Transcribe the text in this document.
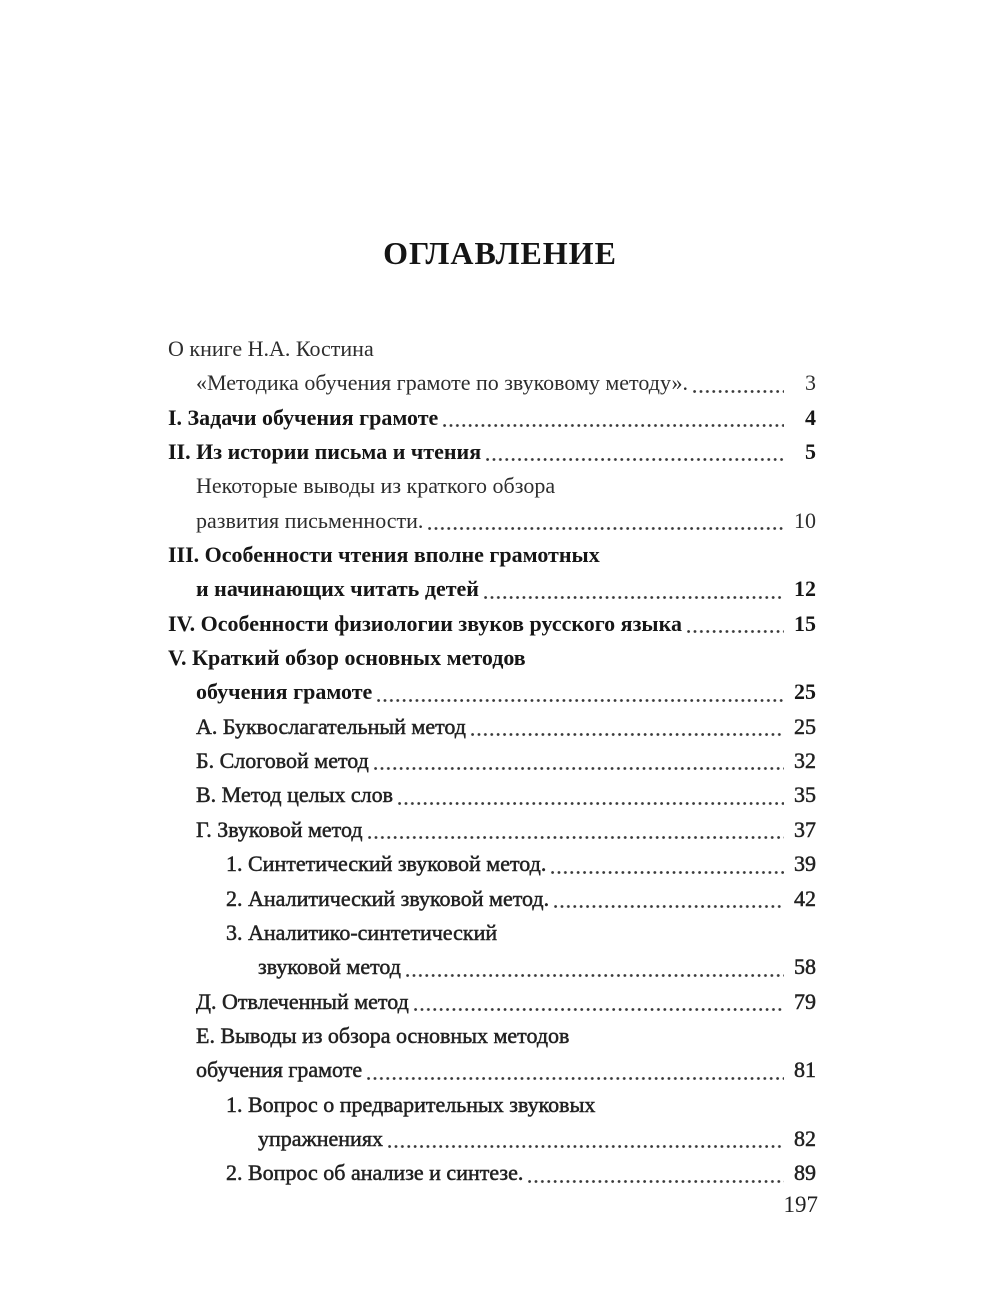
ОГЛАВЛЕНИЕ
О книге Н.А. Костина
«Методика обучения грамоте по звуковому методу».	3
I. Задачи обучения грамоте	4
II. Из истории письма и чтения	5
Некоторые выводы из краткого обзора
развития письменности.	10
III. Особенности чтения вполне грамотных
и начинающих читать детей	12
IV. Особенности физиологии звуков русского языка	15
V. Краткий обзор основных методов
обучения грамоте	25
А. Буквослагательный метод	25
Б. Слоговой метод	32
В. Метод целых слов	35
Г. Звуковой метод	37
1. Синтетический звуковой метод.	39
2. Аналитический звуковой метод.	42
3. Аналитико-синтетический
звуковой метод	58
Д. Отвлеченный метод	79
Е. Выводы из обзора основных методов
обучения грамоте	81
1. Вопрос о предварительных звуковых
упражнениях	82
2. Вопрос об анализе и синтезе.	89
197
